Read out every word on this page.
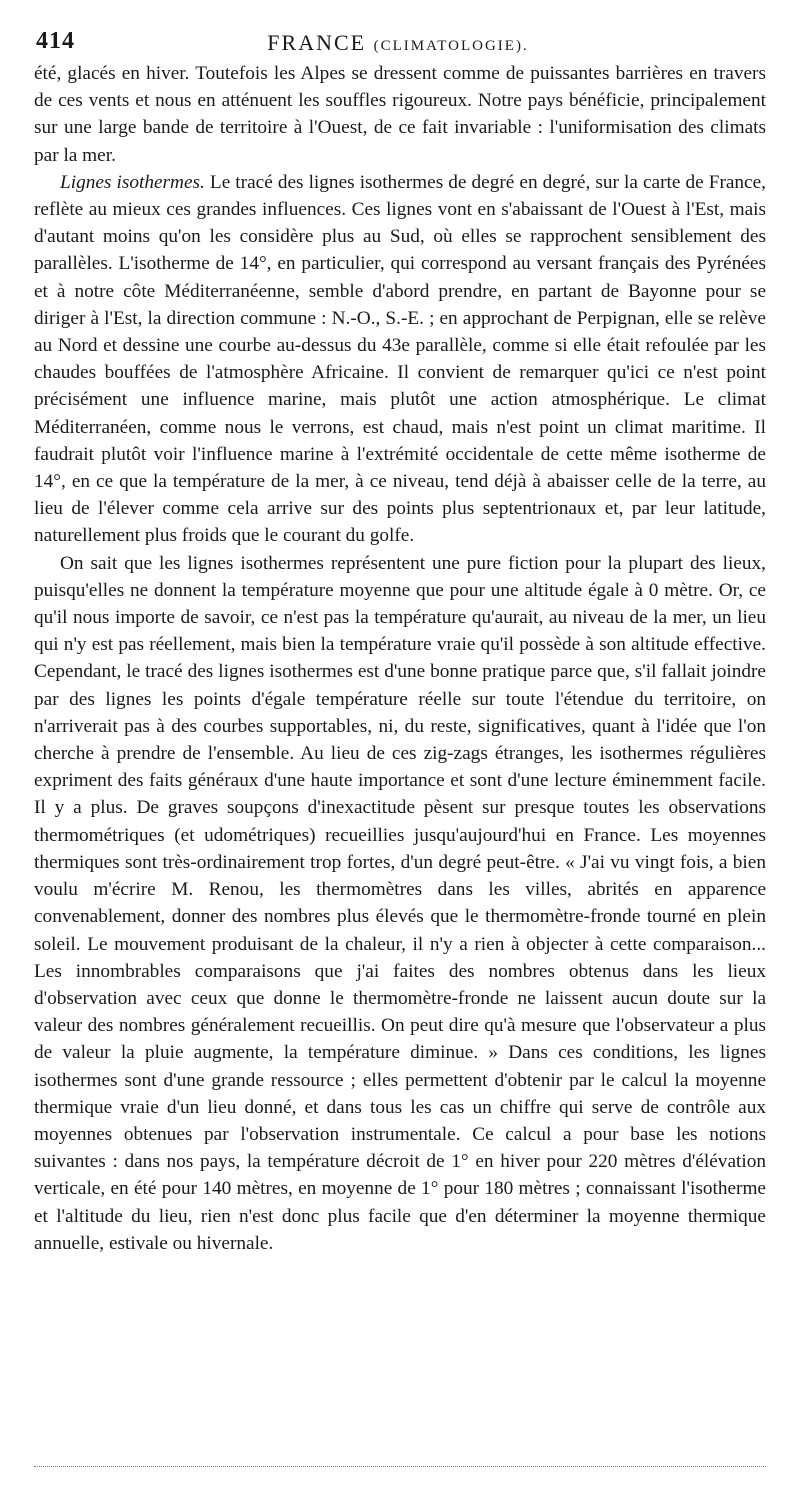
414	FRANCE (CLIMATOLOGIE).

été, glacés en hiver. Toutefois les Alpes se dressent comme de puissantes barrières en travers de ces vents et nous en atténuent les souffles rigoureux. Notre pays bénéficie, principalement sur une large bande de territoire à l'Ouest, de ce fait invariable : l'uniformisation des climats par la mer.

Lignes isothermes. Le tracé des lignes isothermes de degré en degré, sur la carte de France, reflète au mieux ces grandes influences. Ces lignes vont en s'abaissant de l'Ouest à l'Est, mais d'autant moins qu'on les considère plus au Sud, où elles se rapprochent sensiblement des parallèles. L'isotherme de 14°, en particulier, qui correspond au versant français des Pyrénées et à notre côte Méditerranéenne, semble d'abord prendre, en partant de Bayonne pour se diriger à l'Est, la direction commune : N.-O., S.-E. ; en approchant de Perpignan, elle se relève au Nord et dessine une courbe au-dessus du 43e parallèle, comme si elle était refoulée par les chaudes bouffées de l'atmosphère Africaine. Il convient de remarquer qu'ici ce n'est point précisément une influence marine, mais plutôt une action atmosphérique. Le climat Méditerranéen, comme nous le verrons, est chaud, mais n'est point un climat maritime. Il faudrait plutôt voir l'influence marine à l'extrémité occidentale de cette même isotherme de 14°, en ce que la température de la mer, à ce niveau, tend déjà à abaisser celle de la terre, au lieu de l'élever comme cela arrive sur des points plus septentrionaux et, par leur latitude, naturellement plus froids que le courant du golfe.

On sait que les lignes isothermes représentent une pure fiction pour la plupart des lieux, puisqu'elles ne donnent la température moyenne que pour une altitude égale à 0 mètre. Or, ce qu'il nous importe de savoir, ce n'est pas la température qu'aurait, au niveau de la mer, un lieu qui n'y est pas réellement, mais bien la température vraie qu'il possède à son altitude effective. Cependant, le tracé des lignes isothermes est d'une bonne pratique parce que, s'il fallait joindre par des lignes les points d'égale température réelle sur toute l'étendue du territoire, on n'arriverait pas à des courbes supportables, ni, du reste, significatives, quant à l'idée que l'on cherche à prendre de l'ensemble. Au lieu de ces zig-zags étranges, les isothermes régulières expriment des faits généraux d'une haute importance et sont d'une lecture éminemment facile. Il y a plus. De graves soupçons d'inexactitude pèsent sur presque toutes les observations thermométriques (et udométriques) recueillies jusqu'aujourd'hui en France. Les moyennes thermiques sont très-ordinairement trop fortes, d'un degré peut-être. « J'ai vu vingt fois, a bien voulu m'écrire M. Renou, les thermomètres dans les villes, abrités en apparence convenablement, donner des nombres plus élevés que le thermomètre-fronde tourné en plein soleil. Le mouvement produisant de la chaleur, il n'y a rien à objecter à cette comparaison... Les innombrables comparaisons que j'ai faites des nombres obtenus dans les lieux d'observation avec ceux que donne le thermomètre-fronde ne laissent aucun doute sur la valeur des nombres généralement recueillis. On peut dire qu'à mesure que l'observateur a plus de valeur la pluie augmente, la température diminue. » Dans ces conditions, les lignes isothermes sont d'une grande ressource ; elles permettent d'obtenir par le calcul la moyenne thermique vraie d'un lieu donné, et dans tous les cas un chiffre qui serve de contrôle aux moyennes obtenues par l'observation instrumentale. Ce calcul a pour base les notions suivantes : dans nos pays, la température décroit de 1° en hiver pour 220 mètres d'élévation verticale, en été pour 140 mètres, en moyenne de 1° pour 180 mètres ; connaissant l'isotherme et l'altitude du lieu, rien n'est donc plus facile que d'en déterminer la moyenne thermique annuelle, estivale ou hivernale.
